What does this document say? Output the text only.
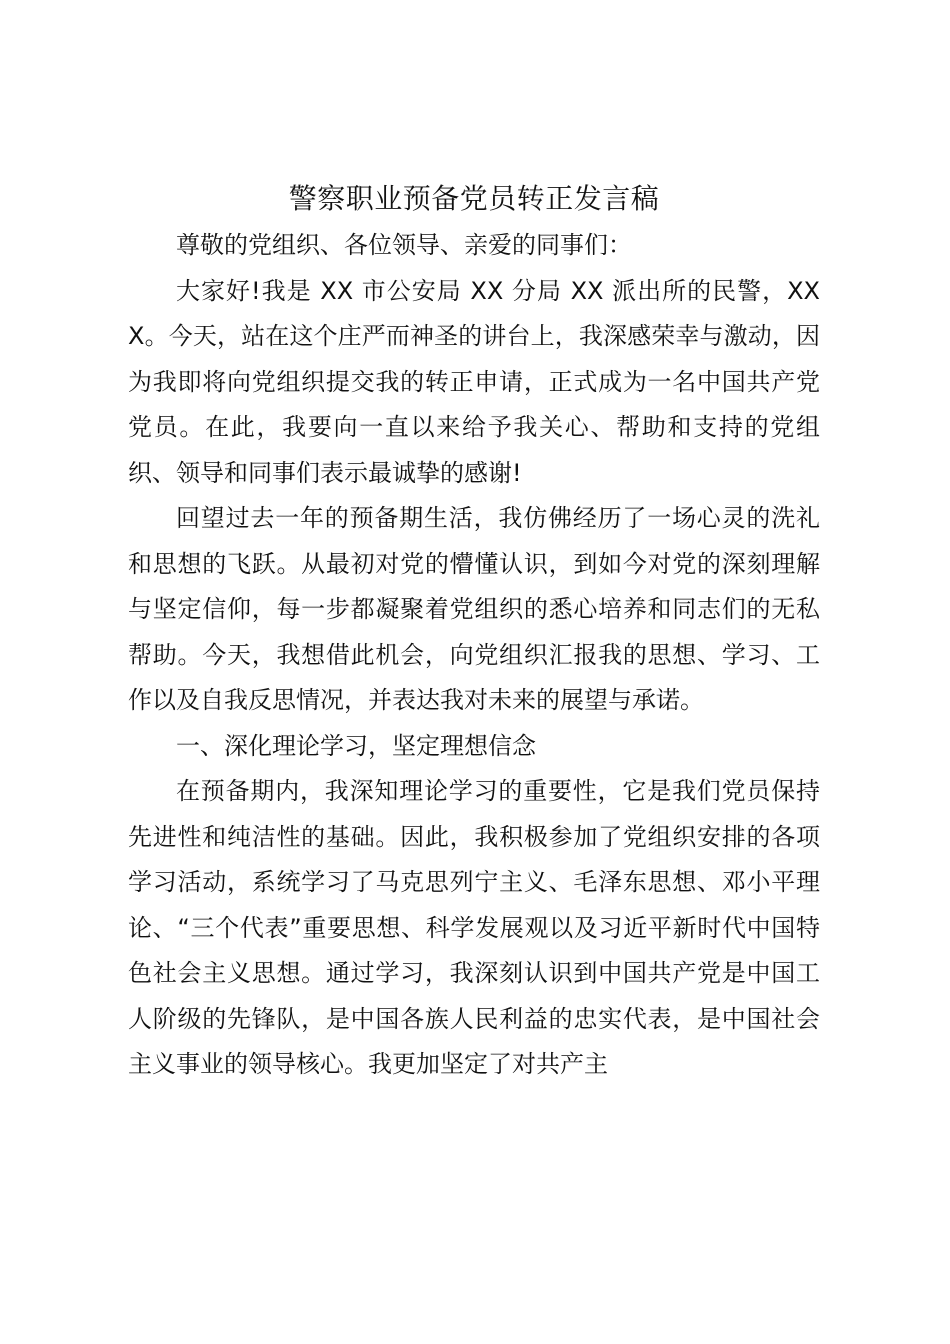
警察职业预备党员转正发言稿

尊敬的党组织、各位领导、亲爱的同事们：

大家好!我是 XX 市公安局 XX 分局 XX 派出所的民警，XXX。今天，站在这个庄严而神圣的讲台上，我深感荣幸与激动，因为我即将向党组织提交我的转正申请，正式成为一名中国共产党党员。在此，我要向一直以来给予我关心、帮助和支持的党组织、领导和同事们表示最诚挚的感谢!

回望过去一年的预备期生活，我仿佛经历了一场心灵的洗礼和思想的飞跃。从最初对党的懵懂认识，到如今对党的深刻理解与坚定信仰，每一步都凝聚着党组织的悉心培养和同志们的无私帮助。今天，我想借此机会，向党组织汇报我的思想、学习、工作以及自我反思情况，并表达我对未来的展望与承诺。

一、深化理论学习，坚定理想信念

在预备期内，我深知理论学习的重要性，它是我们党员保持先进性和纯洁性的基础。因此，我积极参加了党组织安排的各项学习活动，系统学习了马克思列宁主义、毛泽东思想、邓小平理论、“三个代表”重要思想、科学发展观以及习近平新时代中国特色社会主义思想。通过学习，我深刻认识到中国共产党是中国工人阶级的先锋队，是中国各族人民利益的忠实代表，是中国社会主义事业的领导核心。我更加坚定了对共产主
